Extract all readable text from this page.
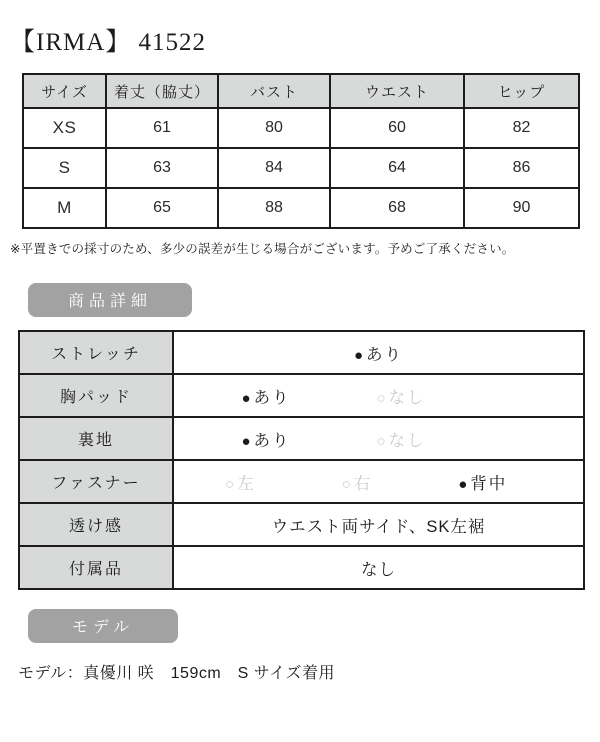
【IRMA】 41522
サイズ	着丈（脇丈）	バスト	ウエスト	ヒップ
XS	61	80	60	82
S	63	84	64	86
M	65	88	68	90
※平置きでの採寸のため、多少の誤差が生じる場合がございます。予めご了承ください。
商品詳細
ストレッチ	● あり

胸パッド	● あり ○ なし

裏地	● あり ○ なし

ファスナー	○ 左 ○ 右 ● 背中

透け感	ウエスト両サイド、SK左裾

付属品	なし
モデル
モデル：真優川 咲　159cm　S サイズ着用
